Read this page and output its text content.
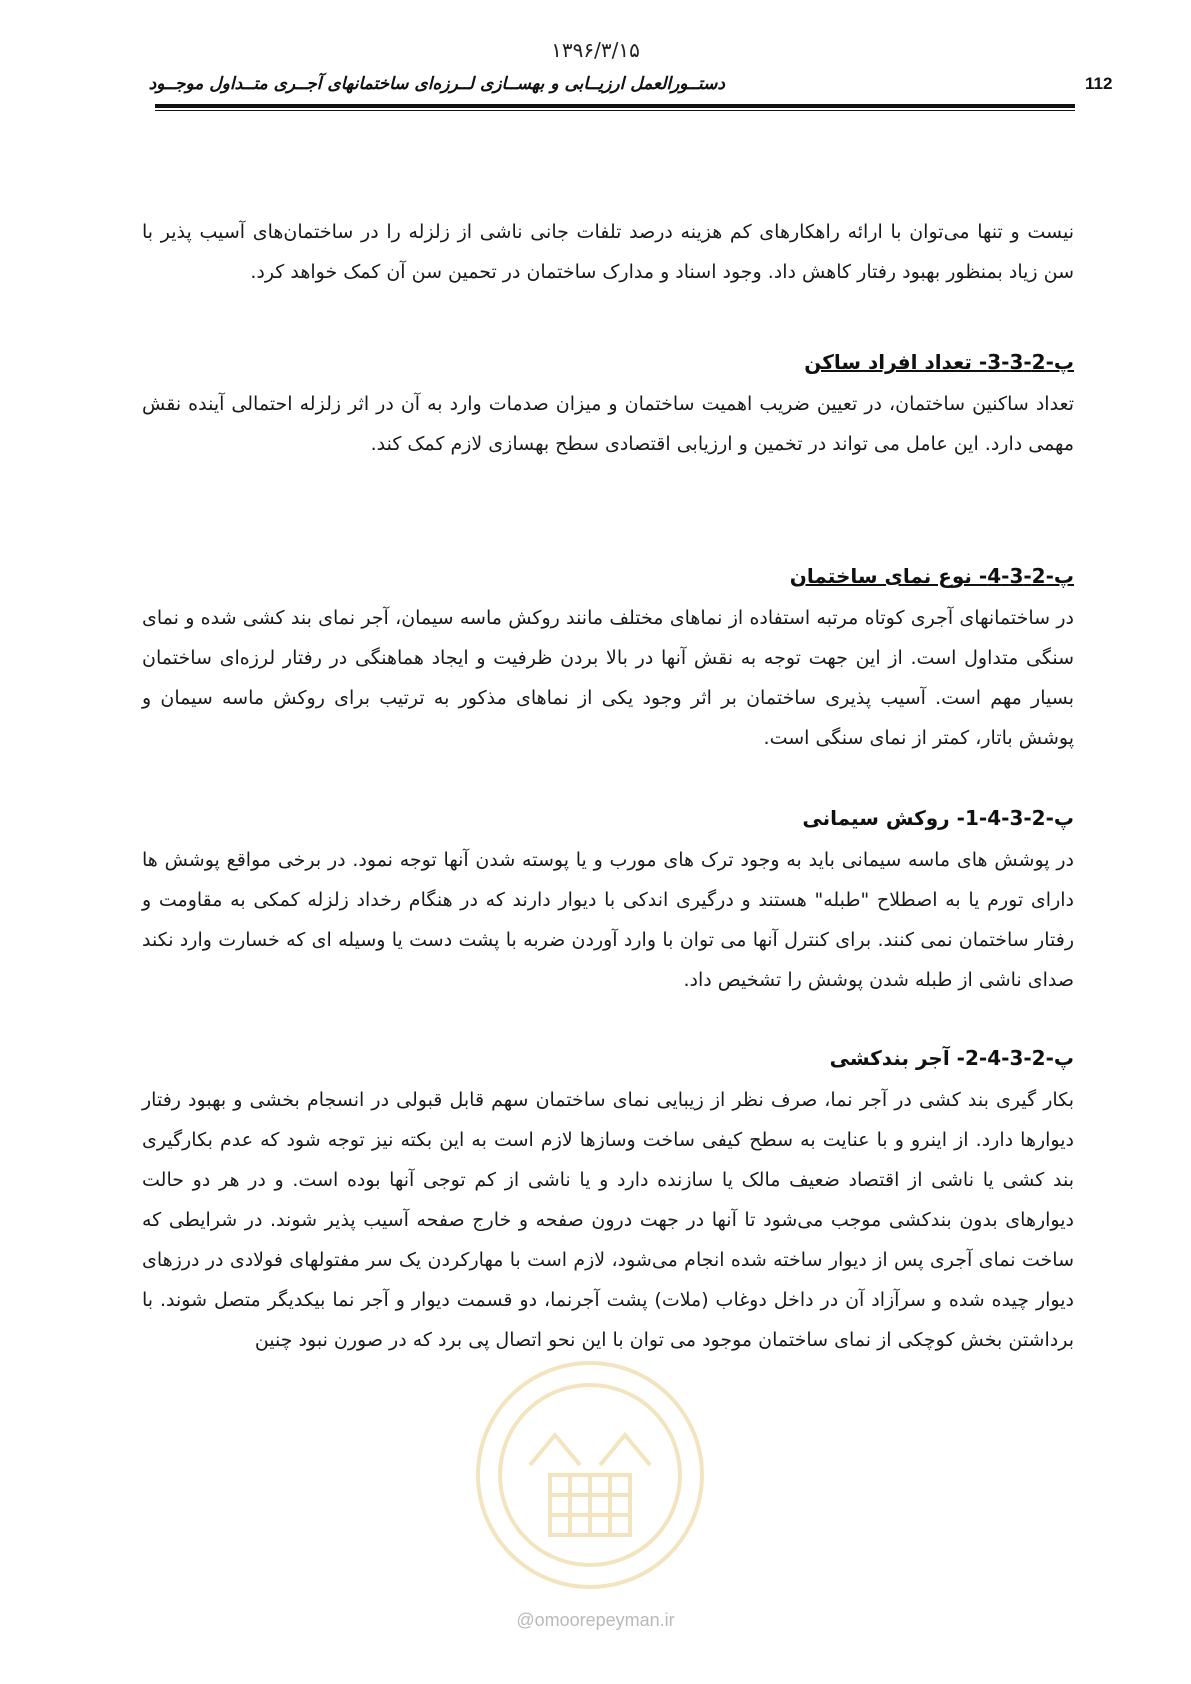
۱۳۹۶/۳/۱۵
دستــورالعمل ارزیــابی و بهســازی لــرزه‌ای ساختمانهای آجــری متــداول موجــود	112

نیست و تنها می‌توان با ارائه راهکارهای کم هزینه درصد تلفات جانی ناشی از زلزله را در ساختمان‌های آسیب پذیر با سن زیاد بمنظور بهبود رفتار کاهش داد. وجود اسناد و مدارک ساختمان در تحمین سن آن کمک خواهد کرد.

پ-2-3-3- تعداد افراد ساکن

تعداد ساکنین ساختمان، در تعیین ضریب اهمیت ساختمان و میزان صدمات وارد به آن در اثر زلزله احتمالی آینده نقش مهمی دارد. این عامل می تواند در تخمین و ارزیابی اقتصادی سطح بهسازی لازم کمک کند.

پ-2-3-4- نوع نمای ساختمان

در ساختمانهای آجری کوتاه مرتبه استفاده از نماهای مختلف مانند روکش ماسه سیمان، آجر نمای بند کشی شده و نمای سنگی متداول است. از این جهت توجه به نقش آنها در بالا بردن ظرفیت و ایجاد هماهنگی در رفتار لرزه‌ای ساختمان بسیار مهم است. آسیب پذیری ساختمان بر اثر وجود یکی از نماهای مذکور به ترتیب برای روکش ماسه سیمان و پوشش باتار، کمتر از نمای سنگی است.

پ-2-3-4-1- روکش سیمانی

در پوشش های ماسه سیمانی باید به وجود ترک های مورب و یا پوسته شدن آنها توجه نمود. در برخی مواقع پوشش ها دارای تورم یا به اصطلاح "طبله" هستند و درگیری اندکی با دیوار دارند که در هنگام رخداد زلزله کمکی به مقاومت و رفتار ساختمان نمی کنند. برای کنترل آنها می توان با وارد آوردن ضربه با پشت دست یا وسیله ای که خسارت وارد نکند صدای ناشی از طبله شدن پوشش را تشخیص داد.

پ-2-3-4-2- آجر بندکشی

بکار گیری بند کشی در آجر نما، صرف نظر از زیبایی نمای ساختمان سهم قابل قبولی در انسجام بخشی و بهبود رفتار دیوارها دارد. از اینرو و با عنایت به سطح کیفی ساخت وسازها لازم است به این بکته نیز توجه شود که عدم بکارگیری بند کشی یا ناشی از اقتصاد ضعیف مالک یا سازنده دارد و یا ناشی از کم توجی آنها بوده است. و در هر دو حالت دیوارهای بدون بندکشی موجب می‌شود تا آنها در جهت درون صفحه و خارج صفحه آسیب پذیر شوند. در شرایطی که ساخت نمای آجری پس از دیوار ساخته شده انجام می‌شود، لازم است با مهارکردن یک سر مفتولهای فولادی در درزهای دیوار چیده شده و سرآزاد آن در داخل دوغاب (ملات) پشت آجرنما، دو قسمت دیوار و آجر نما بیکدیگر متصل شوند. با برداشتن بخش کوچکی از نمای ساختمان موجود می توان با این نحو اتصال پی برد که در صورن نبود چنین

@omoorepeyman.ir
